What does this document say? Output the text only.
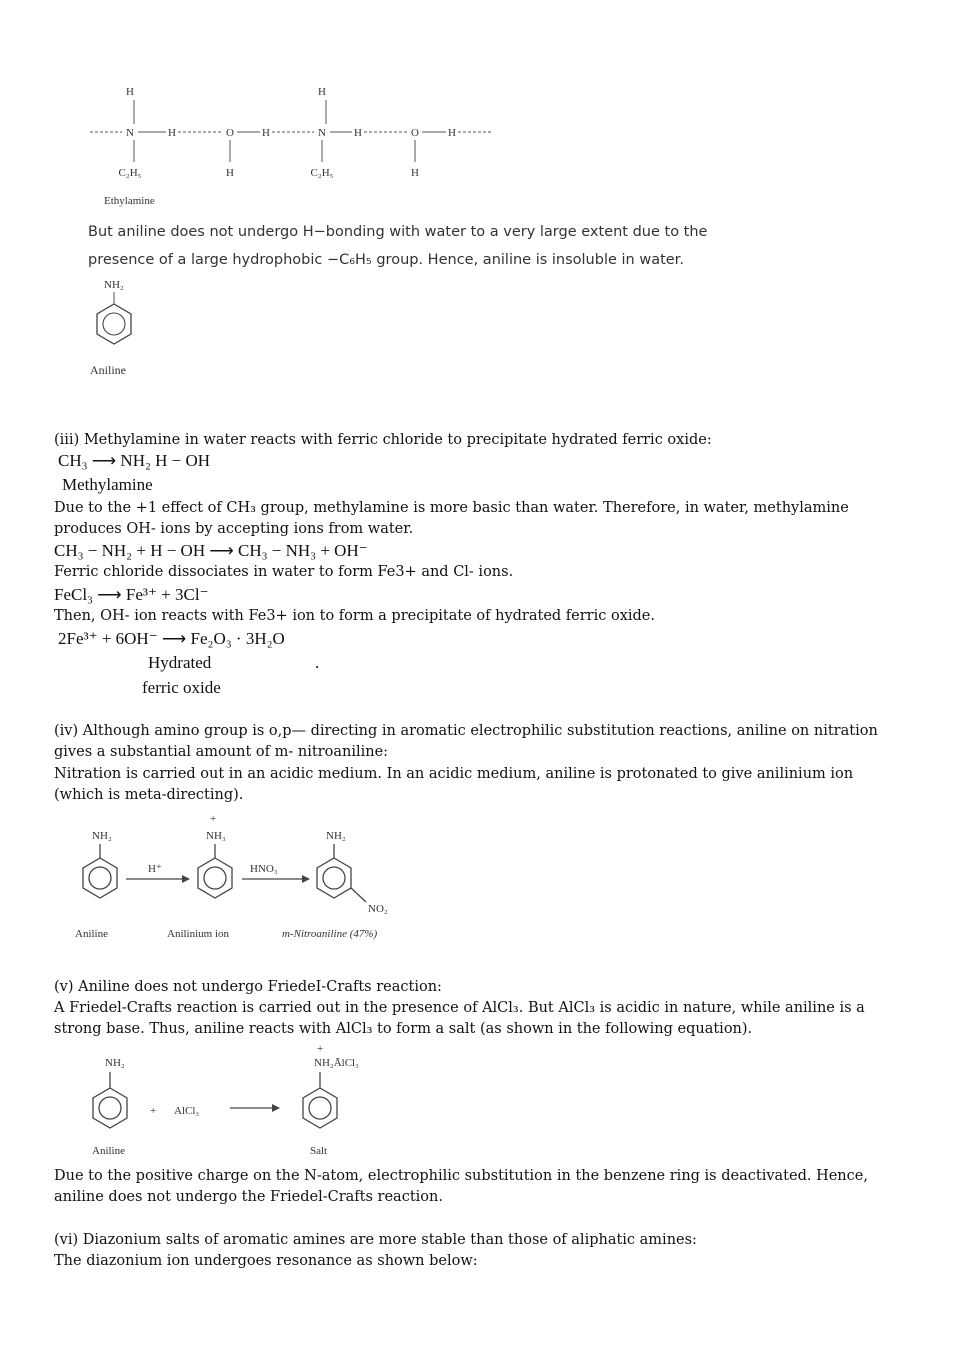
H
N	H	O	H
H
N	H	O	H
C₂H₅	H	C₂H₅	H
Ethylamine
But aniline does not undergo H−bonding with water to a very large extent due to the
presence of a large hydrophobic −C₆H₅ group. Hence, aniline is insoluble in water.
NH₂
Aniline
(iii) Methylamine in water reacts with ferric chloride to precipitate hydrated ferric oxide:
CH₃ ⟶ NH₂ H − OH
Methylamine
Due to the +1 effect of CH₃ group, methylamine is more basic than water. Therefore, in water, methylamine produces OH- ions by accepting ions from water.
CH₃ − NH₂ + H − OH ⟶ CH₃ − NH₃ + OH⁻
Ferric chloride dissociates in water to form Fe3+ and Cl- ions.
FeCl₃ ⟶ Fe³⁺ + 3Cl⁻
Then, OH- ion reacts with Fe3+ ion to form a precipitate of hydrated ferric oxide.
2Fe³⁺ + 6OH⁻ ⟶ Fe₂O₃ · 3H₂O
Hydrated	.
ferric oxide
(iv) Although amino group is o,p— directing in aromatic electrophilic substitution reactions, aniline on nitration gives a substantial amount of m- nitroaniline:
Nitration is carried out in an acidic medium. In an acidic medium, aniline is protonated to give anilinium ion (which is meta-directing).
NH₂
+
NH₃	NH₂
H⁺	HNO₃
NO₂
Aniline	Anilinium ion	m-Nitroaniline (47%)
(v) Aniline does not undergo FriedeI-Crafts reaction:
A Friedel-Crafts reaction is carried out in the presence of AlCl₃. But AlCl₃ is acidic in nature, while aniline is a strong base. Thus, aniline reacts with AlCl₃ to form a salt (as shown in the following equation).
NH₂
+ AlCl₃
+
NH₂ĀlCl₃
Aniline	Salt
Due to the positive charge on the N-atom, electrophilic substitution in the benzene ring is deactivated. Hence, aniline does not undergo the Friedel-Crafts reaction.
(vi) Diazonium salts of aromatic amines are more stable than those of aliphatic amines:
The diazonium ion undergoes resonance as shown below:
